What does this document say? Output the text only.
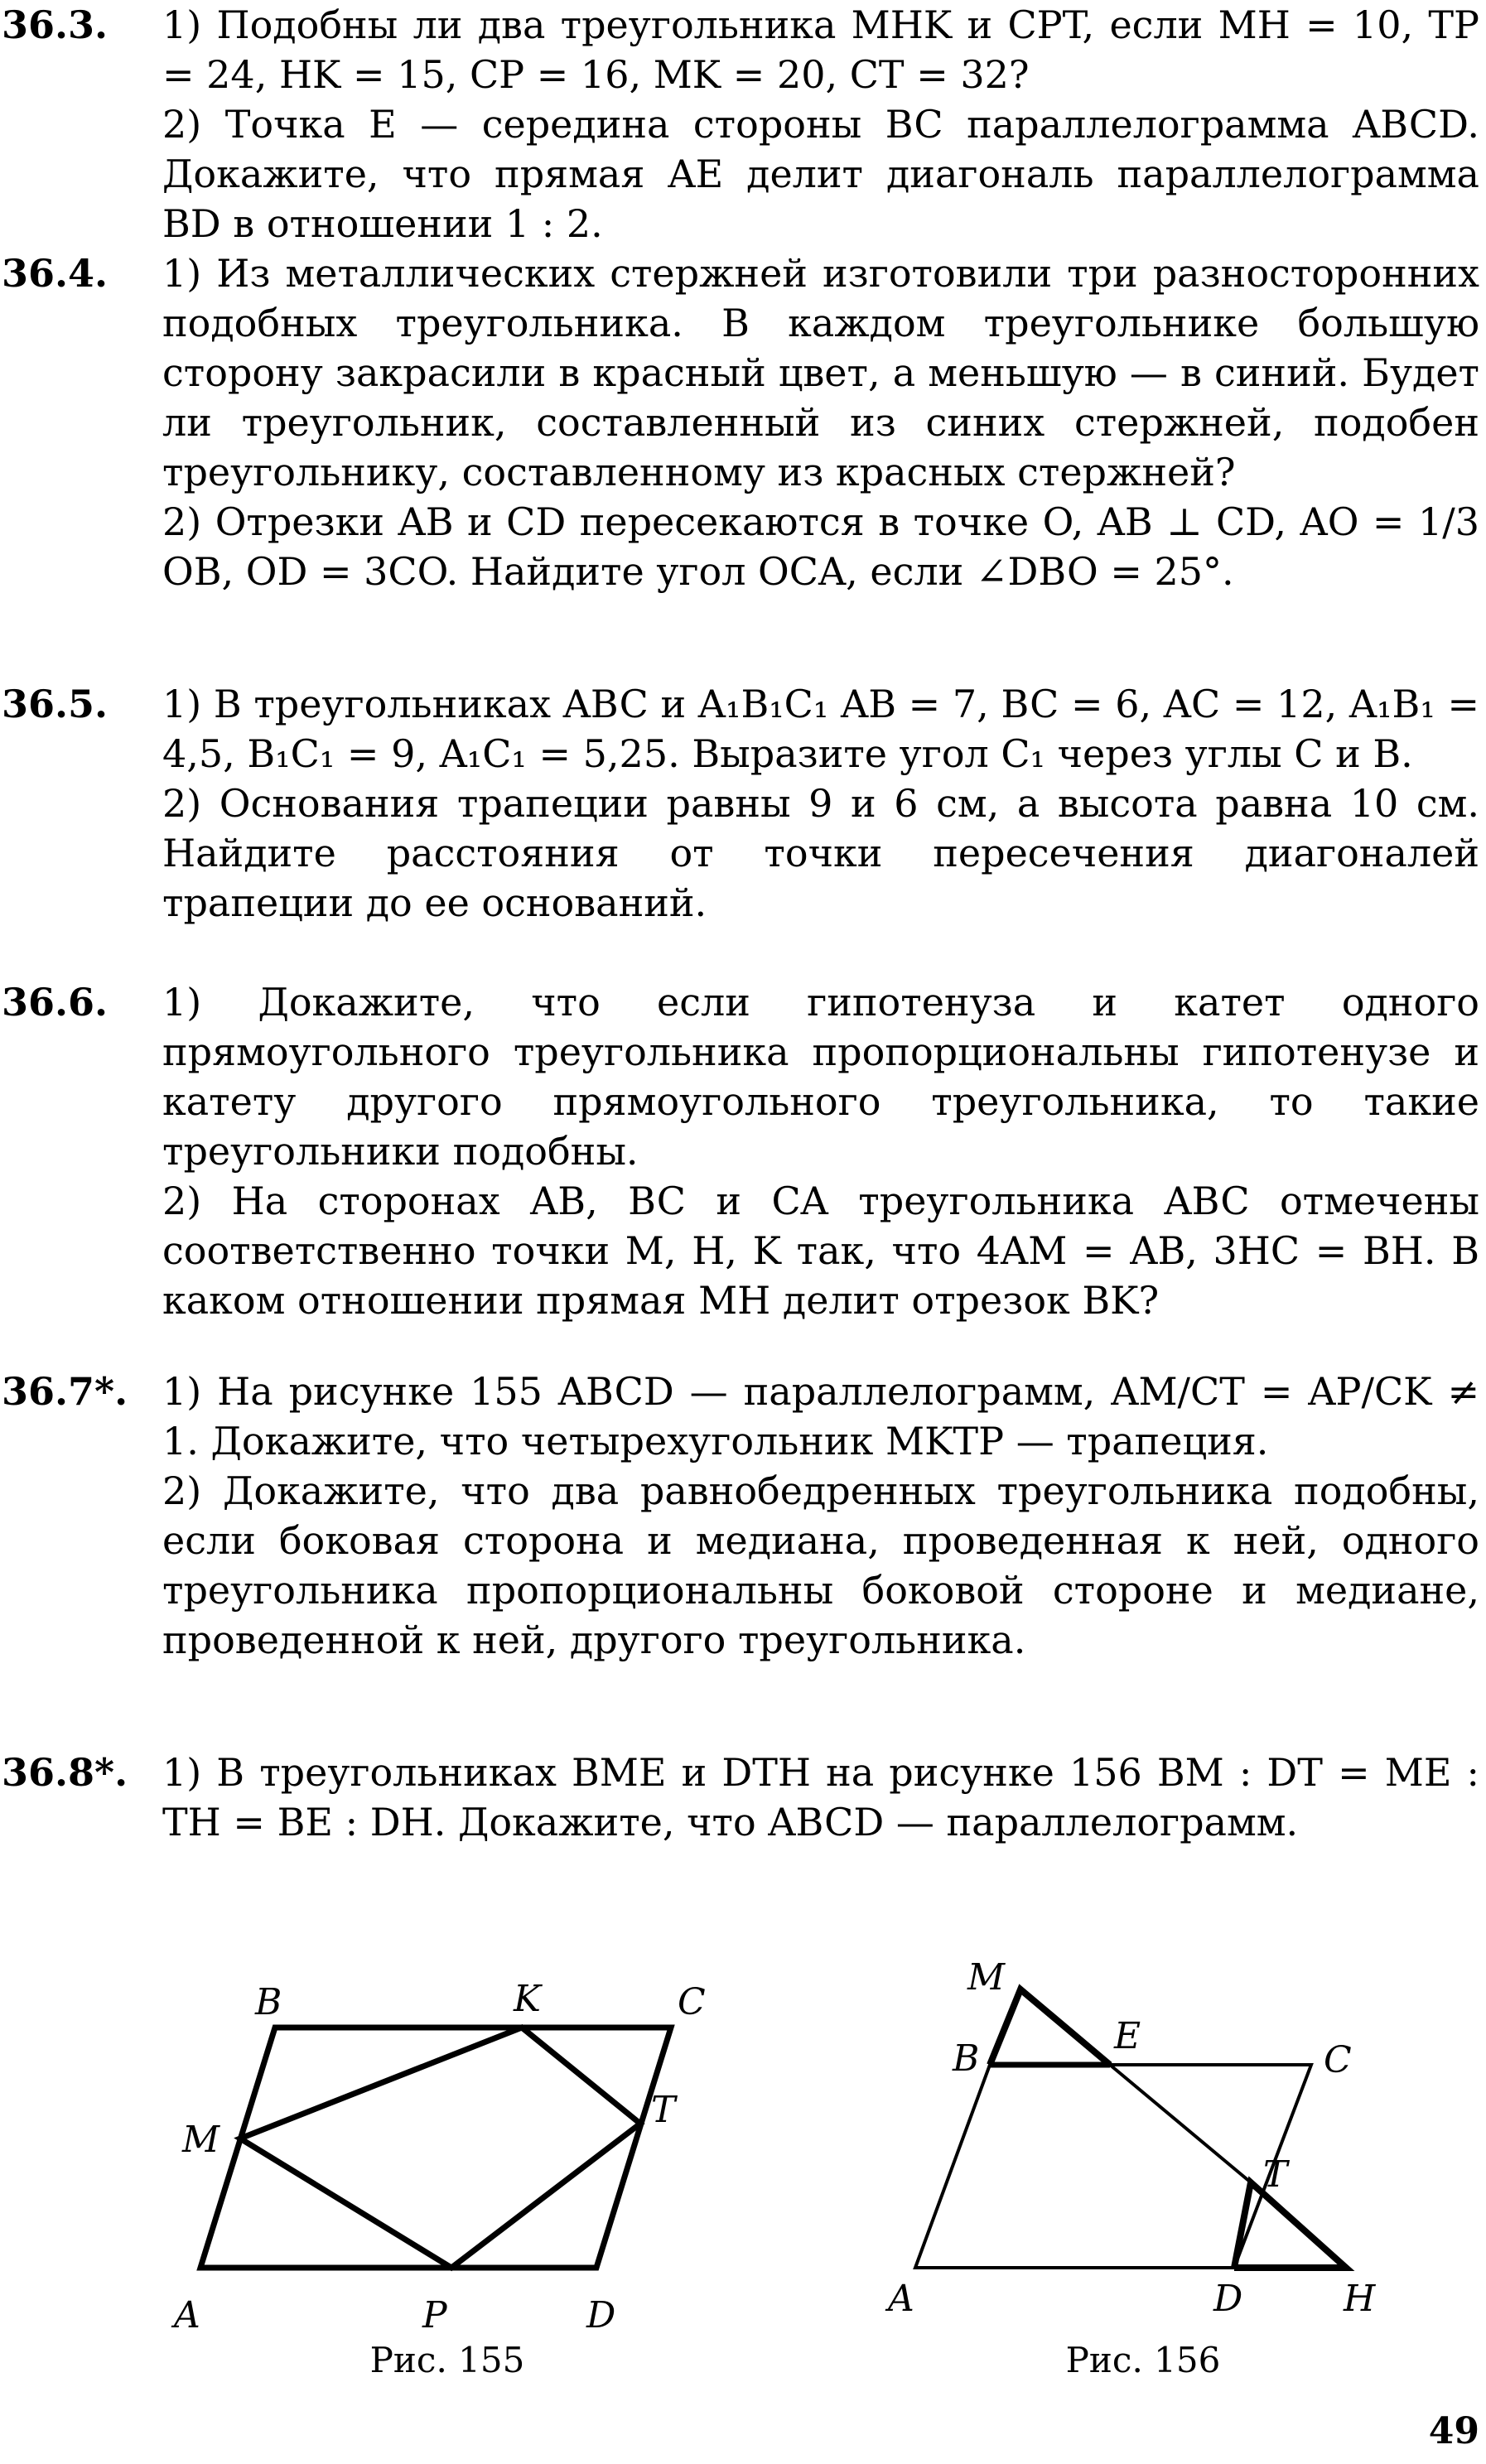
36.3. 1) Подобны ли два треугольника MHK и CPT, если MH = 10, TP = 24, HK = 15, CP = 16, MK = 20, CT = 32?

2) Точка E — середина стороны BC параллелограмма ABCD. Докажите, что прямая AE делит диагональ параллелограмма BD в отношении 1 : 2.

36.4. 1) Из металлических стержней изготовили три разносторонних подобных треугольника. В каждом треугольнике большую сторону закрасили в красный цвет, а меньшую — в синий. Будет ли треугольник, составленный из синих стержней, подобен треугольнику, составленному из красных стержней?

2) Отрезки AB и CD пересекаются в точке O, AB ⊥ CD, AO = 1/3 OB, OD = 3CO. Найдите угол OCA, если ∠DBO = 25°.

36.5. 1) В треугольниках ABC и A₁B₁C₁ AB = 7, BC = 6, AC = 12, A₁B₁ = 4,5, B₁C₁ = 9, A₁C₁ = 5,25. Выразите угол C₁ через углы C и B.

2) Основания трапеции равны 9 и 6 см, а высота равна 10 см. Найдите расстояния от точки пересечения диагоналей трапеции до ее оснований.

36.6. 1) Докажите, что если гипотенуза и катет одного прямоугольного треугольника пропорциональны гипотенузе и катету другого прямоугольного треугольника, то такие треугольники подобны.

2) На сторонах AB, BC и CA треугольника ABC отмечены соответственно точки M, H, K так, что 4AM = AB, 3HC = BH. В каком отношении прямая MH делит отрезок BK?

36.7*. 1) На рисунке 155 ABCD — параллелограмм, AM/CT = AP/CK ≠ 1. Докажите, что четырехугольник MKTP — трапеция.

2) Докажите, что два равнобедренных треугольника подобны, если боковая сторона и медиана, проведенная к ней, одного треугольника пропорциональны боковой стороне и медиане, проведенной к ней, другого треугольника.

36.8*. 1) В треугольниках BME и DTH на рисунке 156 BM : DT = ME : TH = BE : DH. Докажите, что ABCD — параллелограмм.

A
B	C
D
K
M
P
T
Рис. 155
M
B
E
C
T
A	D	H
Рис. 156
49
